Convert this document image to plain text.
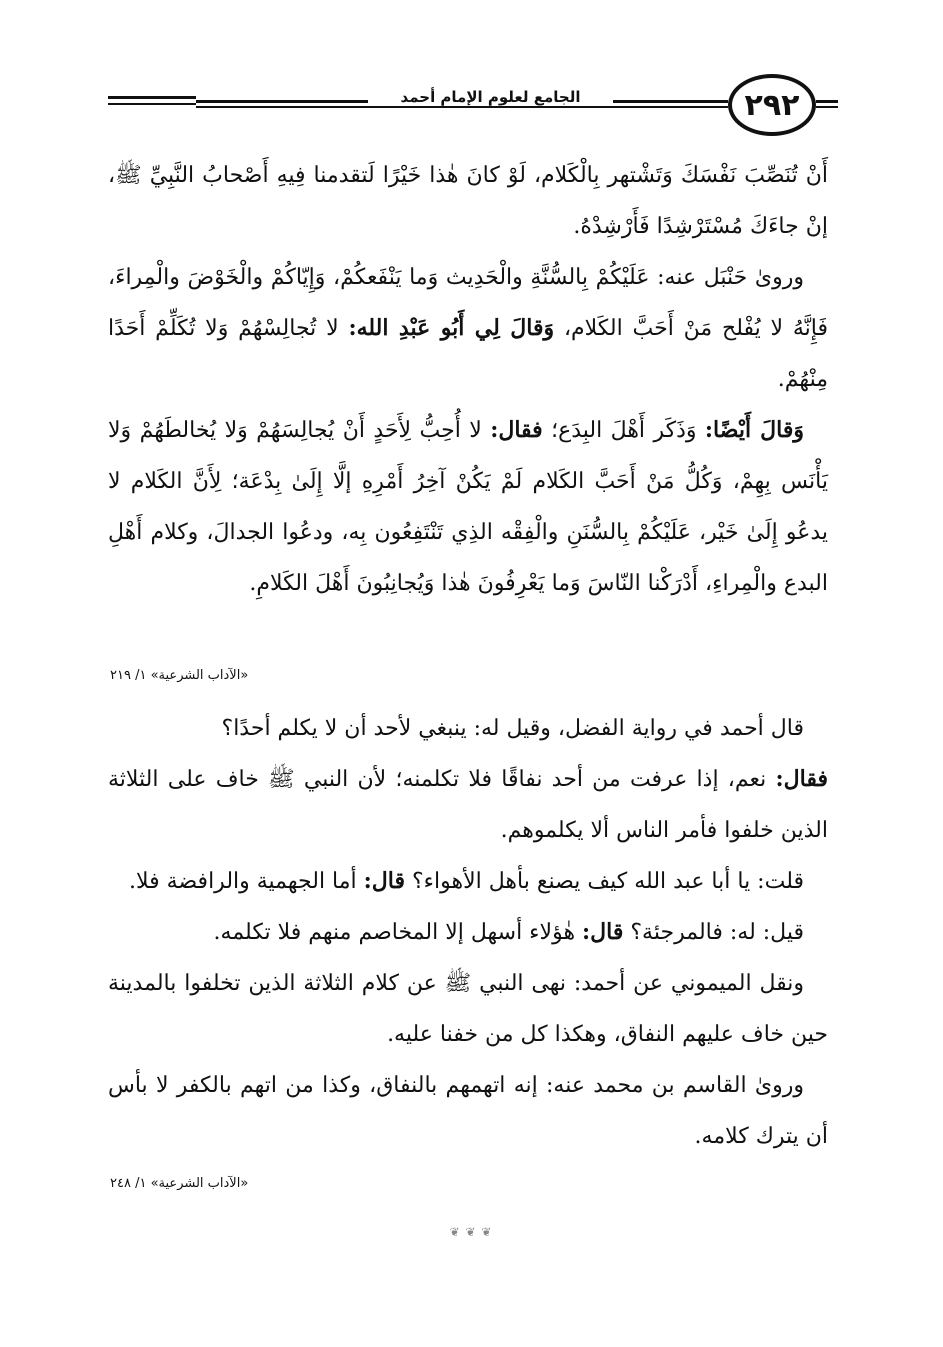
الجامع لعلوم الإمام أحمد	٢٩٢

أَنْ تُنَصِّبَ نَفْسَكَ وَتَشْتهر بِالْكَلام، لَوْ كانَ هٰذا خَيْرًا لَتقدمنا فِيهِ أَصْحابُ النَّبِيِّ ﷺ، إنْ جاءَكَ مُسْتَرْشِدًا فَأَرْشِدْهُ.

وروىٰ حَنْبَل عنه: عَلَيْكُمْ بِالسُّنَّةِ والْحَدِيث وَما يَنْفَعكُمْ، وَإِيّاكُمْ والْخَوْضَ والْمِراءَ، فَإِنَّهُ لا يُفْلح مَنْ أَحَبَّ الكَلام، وَقالَ لِي أَبُو عَبْدِ الله: لا تُجالِسْهُمْ وَلا تُكَلِّمْ أَحَدًا مِنْهُمْ.

وَقالَ أَيْضًا: وَذَكَر أَهْلَ البِدَع؛ فقال: لا أُحِبُّ لِأَحَدٍ أَنْ يُجالِسَهُمْ وَلا يُخالطَهُمْ وَلا يَأْنَس بِهِمْ، وَكُلُّ مَنْ أَحَبَّ الكَلام لَمْ يَكُنْ آخِرُ أَمْرِهِ إلَّا إِلَىٰ بِدْعَة؛ لِأَنَّ الكَلام لا يدعُو إِلَىٰ خَيْر، عَلَيْكُمْ بِالسُّنَنِ والْفِقْه الذِي تَنْتَفِعُون بِه، ودعُوا الجدالَ، وكلام أَهْلِ البدع والْمِراءِ، أَدْرَكْنا النّاسَ وَما يَعْرِفُونَ هٰذا وَيُجانِبُونَ أَهْلَ الكَلامِ.

«الآداب الشرعية» ١/ ٢١٩

قال أحمد في رواية الفضل، وقيل له: ينبغي لأحد أن لا يكلم أحدًا؟

فقال: نعم، إذا عرفت من أحد نفاقًا فلا تكلمنه؛ لأن النبي ﷺ خاف على الثلاثة الذين خلفوا فأمر الناس ألا يكلموهم.

قلت: يا أبا عبد الله كيف يصنع بأهل الأهواء؟ قال: أما الجهمية والرافضة فلا.

قيل: له: فالمرجئة؟ قال: هٰؤلاء أسهل إلا المخاصم منهم فلا تكلمه.

ونقل الميموني عن أحمد: نهى النبي ﷺ عن كلام الثلاثة الذين تخلفوا بالمدينة حين خاف عليهم النفاق، وهكذا كل من خفنا عليه.

وروىٰ القاسم بن محمد عنه: إنه اتهمهم بالنفاق، وكذا من اتهم بالكفر لا بأس أن يترك كلامه.

«الآداب الشرعية» ١/ ٢٤٨
❦ ❦ ❦
